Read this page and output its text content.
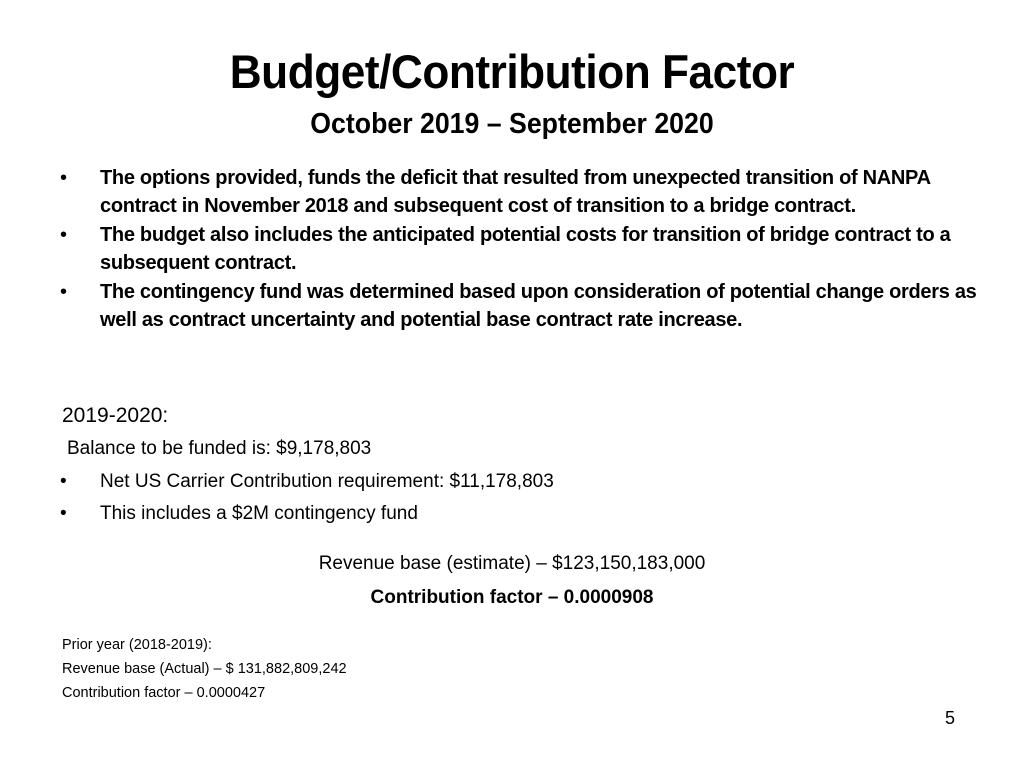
Budget/Contribution Factor
October 2019 – September 2020
• The options provided, funds the deficit that resulted from unexpected transition of NANPA contract in November 2018 and subsequent cost of transition to a bridge contract.
• The budget also includes the anticipated potential costs for transition of bridge contract to a subsequent contract.
• The contingency fund was determined based upon consideration of potential change orders as well as contract uncertainty and potential base contract rate increase.
2019-2020:
Balance to be funded is: $9,178,803
• Net US Carrier Contribution requirement: $11,178,803
• This includes a $2M contingency fund
Revenue base (estimate) – $123,150,183,000
Contribution factor – 0.0000908
Prior year (2018-2019):
Revenue base (Actual) – $ 131,882,809,242
Contribution factor – 0.0000427
5
